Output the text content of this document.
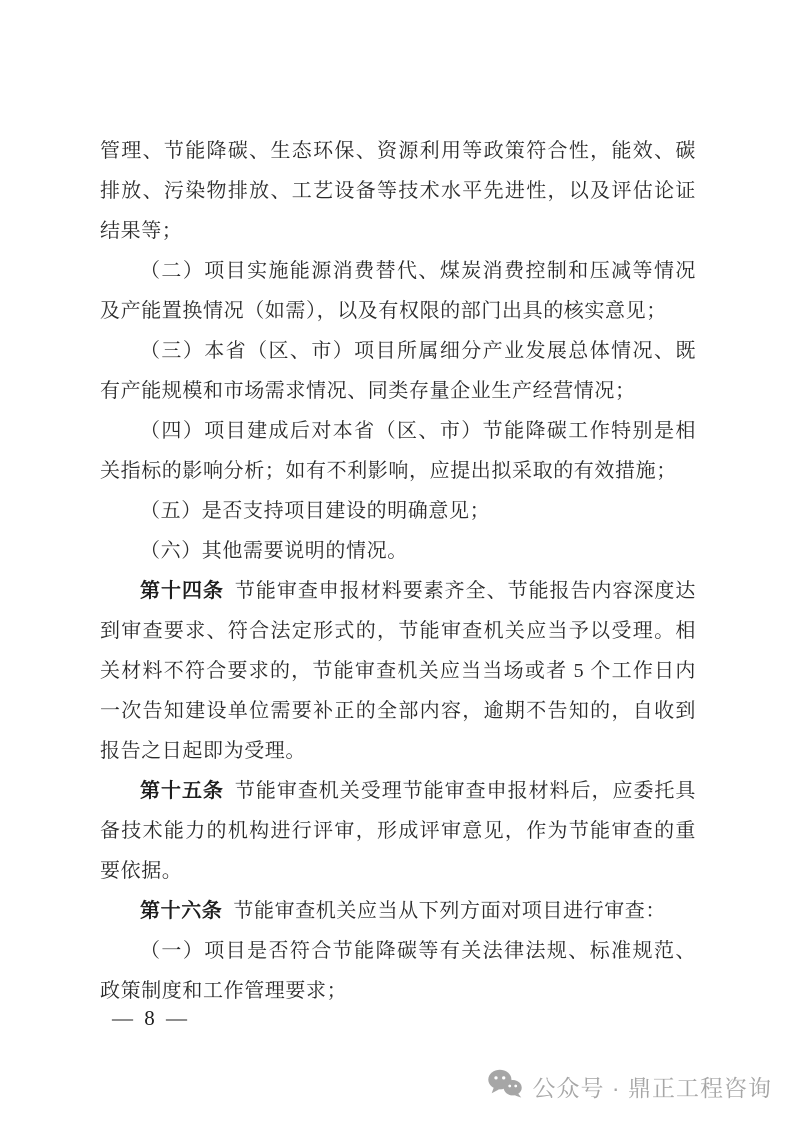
管理、节能降碳、生态环保、资源利用等政策符合性，能效、碳排放、污染物排放、工艺设备等技术水平先进性，以及评估论证结果等；

（二）项目实施能源消费替代、煤炭消费控制和压减等情况及产能置换情况（如需），以及有权限的部门出具的核实意见；

（三）本省（区、市）项目所属细分产业发展总体情况、既有产能规模和市场需求情况、同类存量企业生产经营情况；

（四）项目建成后对本省（区、市）节能降碳工作特别是相关指标的影响分析；如有不利影响，应提出拟采取的有效措施；

（五）是否支持项目建设的明确意见；

（六）其他需要说明的情况。

第十四条 节能审查申报材料要素齐全、节能报告内容深度达到审查要求、符合法定形式的，节能审查机关应当予以受理。相关材料不符合要求的，节能审查机关应当当场或者 5 个工作日内一次告知建设单位需要补正的全部内容，逾期不告知的，自收到报告之日起即为受理。

第十五条 节能审查机关受理节能审查申报材料后，应委托具备技术能力的机构进行评审，形成评审意见，作为节能审查的重要依据。

第十六条 节能审查机关应当从下列方面对项目进行审查：

（一）项目是否符合节能降碳等有关法律法规、标准规范、政策制度和工作管理要求；

— 8 —
公众号 · 鼎正工程咨询
